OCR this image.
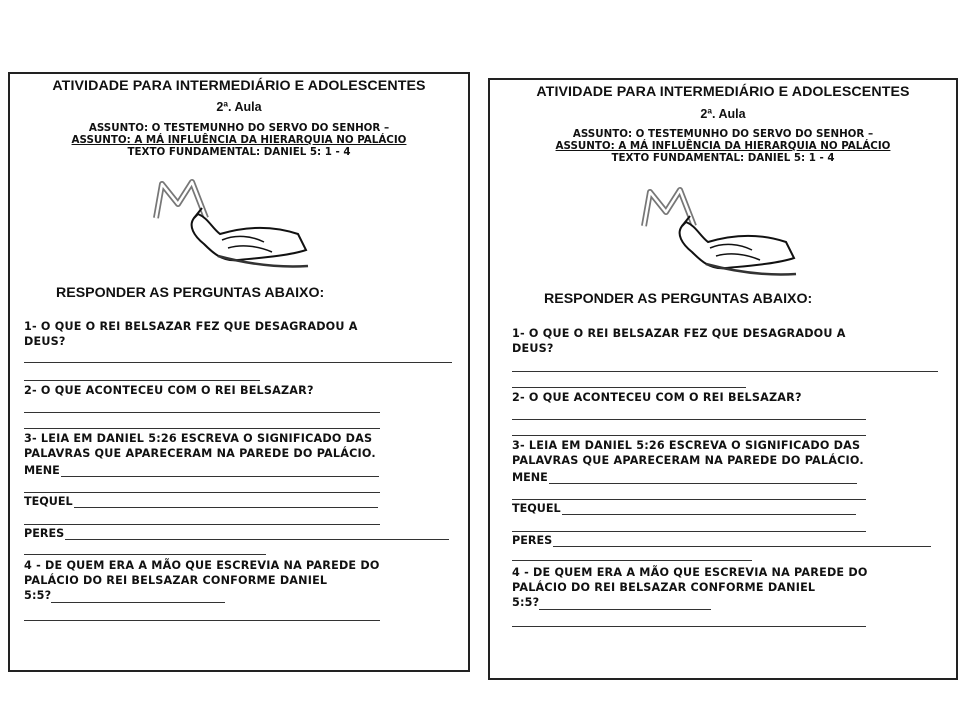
ATIVIDADE PARA INTERMEDIÁRIO E ADOLESCENTES
2ª. Aula
ASSUNTO: O TESTEMUNHO DO SERVO DO SENHOR –
ASSUNTO: A MÁ INFLUÊNCIA DA HIERARQUIA NO PALÁCIO
TEXTO FUNDAMENTAL: DANIEL 5: 1 - 4
RESPONDER AS PERGUNTAS ABAIXO:
1- O QUE O REI BELSAZAR FEZ QUE DESAGRADOU A
DEUS?
2- O QUE ACONTECEU COM O REI BELSAZAR?
3- LEIA EM DANIEL 5:26 ESCREVA O SIGNIFICADO DAS
PALAVRAS QUE APARECERAM NA PAREDE DO PALÁCIO.
MENE
TEQUEL
PERES
4 - DE QUEM ERA A MÃO QUE ESCREVIA NA PAREDE DO
PALÁCIO DO REI BELSAZAR CONFORME DANIEL
5:5?
ATIVIDADE PARA INTERMEDIÁRIO E ADOLESCENTES
2ª. Aula
ASSUNTO: O TESTEMUNHO DO SERVO DO SENHOR –
ASSUNTO: A MÁ INFLUÊNCIA DA HIERARQUIA NO PALÁCIO
TEXTO FUNDAMENTAL: DANIEL 5: 1 - 4
RESPONDER AS PERGUNTAS ABAIXO:
1- O QUE O REI BELSAZAR FEZ QUE DESAGRADOU A
DEUS?
2- O QUE ACONTECEU COM O REI BELSAZAR?
3- LEIA EM DANIEL 5:26 ESCREVA O SIGNIFICADO DAS
PALAVRAS QUE APARECERAM NA PAREDE DO PALÁCIO.
MENE
TEQUEL
PERES
4 - DE QUEM ERA A MÃO QUE ESCREVIA NA PAREDE DO
PALÁCIO DO REI BELSAZAR CONFORME DANIEL
5:5?
